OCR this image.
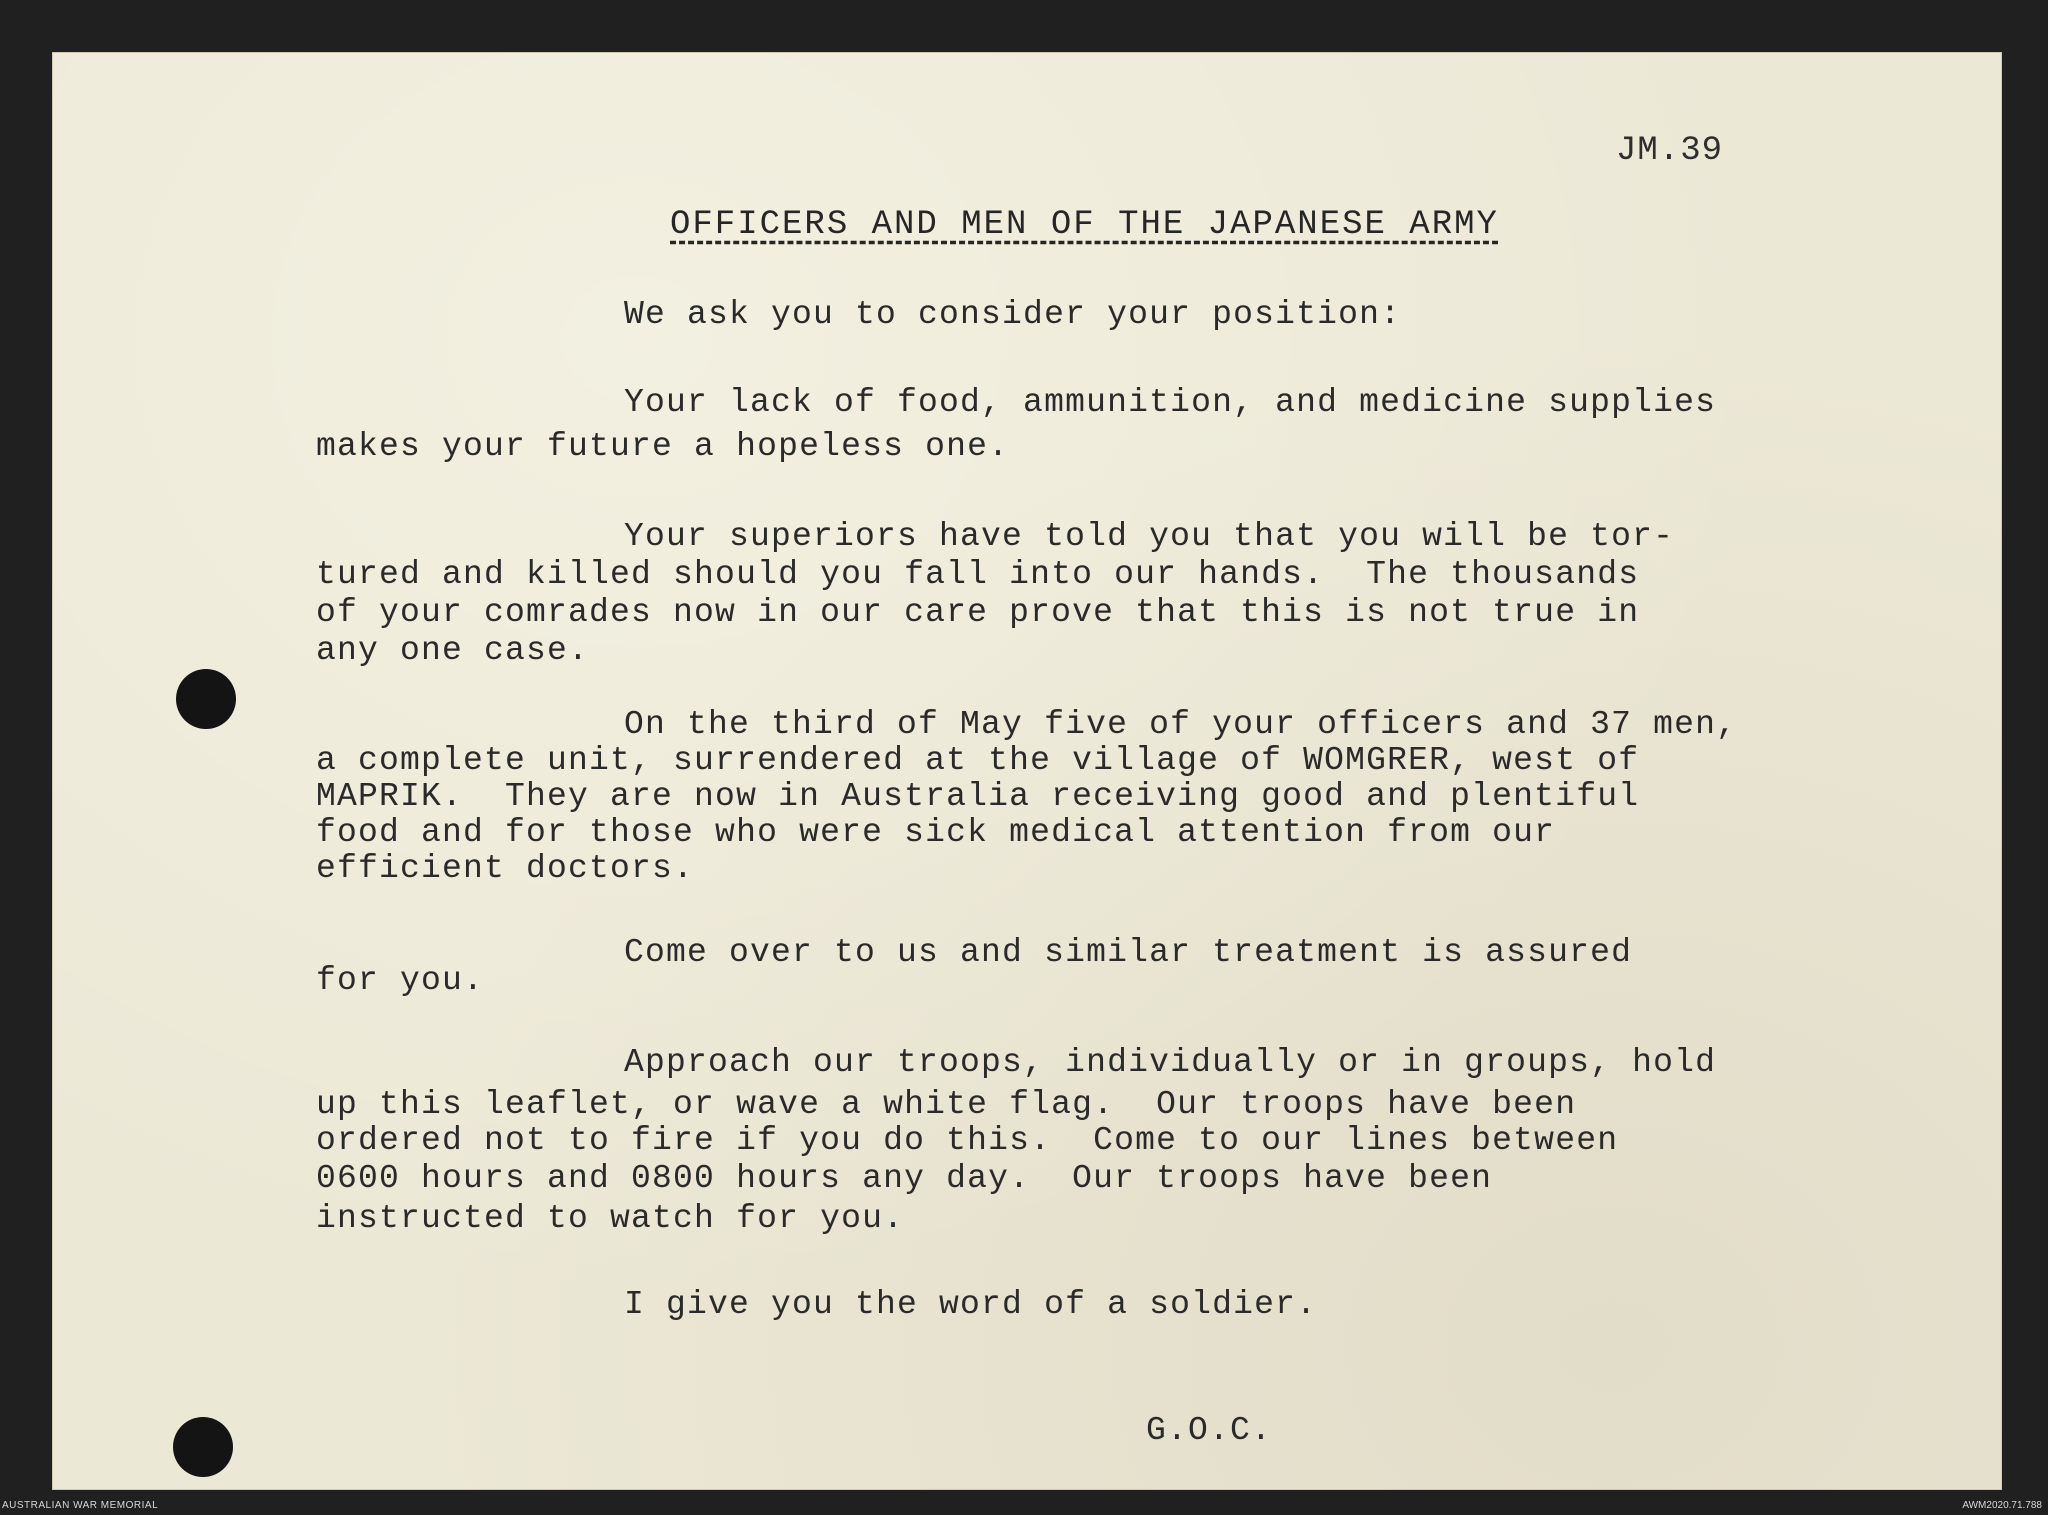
JM.39
OFFICERS AND MEN OF THE JAPANESE ARMY
We ask you to consider your position:
Your lack of food, ammunition, and medicine supplies
makes your future a hopeless one.
Your superiors have told you that you will be tor-
tured and killed should you fall into our hands.  The thousands
of your comrades now in our care prove that this is not true in
any one case.
On the third of May five of your officers and 37 men,
a complete unit, surrendered at the village of WOMGRER, west of
MAPRIK.  They are now in Australia receiving good and plentiful
food and for those who were sick medical attention from our
efficient doctors.
Come over to us and similar treatment is assured
for you.
Approach our troops, individually or in groups, hold
up this leaflet, or wave a white flag.  Our troops have been
ordered not to fire if you do this.  Come to our lines between
0600 hours and 0800 hours any day.  Our troops have been
instructed to watch for you.
I give you the word of a soldier.
G.O.C.
AUSTRALIAN WAR MEMORIAL	AWM2020.71.788
